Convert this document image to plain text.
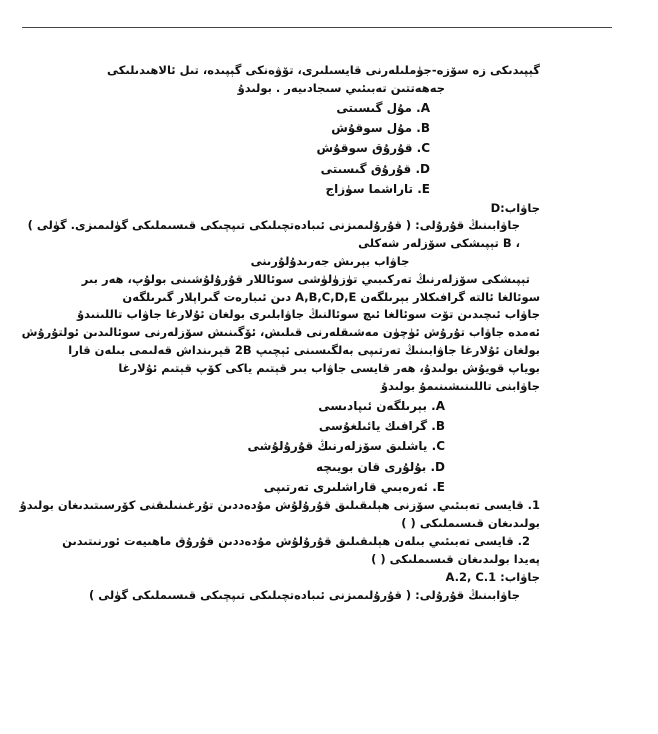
گېپىدىكى زە سۆزە-جۈملىلەرنى قايسىلىرى، تۆۋەنكى گېپىدە، تىل ئالاھىدىلىكى
جەھەتتىن تەبىئىي سىجادىيەر . بولىدۇ
A. مۇل گىسىتى
B. مۇل سوقۇش
C. قۇرۇق سوقۇش
D. قۇرۇق گىسىتى
E. تاراشما سۈزاج
جاۋاب:D
جاۋابىنىڭ قۇرۇلى: ( قۇرۇلىمىزنى ئىبادەتچىلىكى تىپچىكى قىسىملىكى گۈلىمىزى. گۈلى )
، B تېپىشكى سۆزلەر شەكلى
جاۋاب بېرىش جەرىدۇلۇرىنى
تېپىشكى سۆزلەرنىڭ تەركىبىي تۈزۈلۈشى سوئاللار قۇرۇلۇشىنى بولۇپ، ھەر بىر
سوئالغا ئالتە گرافىكلار بېرىلگەن A,B,C,D,E دىن ئىبارەت گىراپلار گىرىلگەن
جاۋاب ئىچىدىن تۆت سوئالغا ئىچ سوئالنىڭ جاۋابلىرى بولغان ئۇلارغا جاۋاب تاللىنىدۇ
ئەمدە جاۋاب تۇرۇش ئۈچۈن مەشىقلەرنى قىلىش، ئۆگىنىش سۆزلەرنى سوئالىدىن ئولتۇرۇش
بولغان ئۇلارغا جاۋابىنىڭ تەرتىپى بەلگىسىنى ئېچىپ 2B قېرىنداش قەلىمى بىلەن قارا
بوياپ قويۇش بولىدۇ، ھەر قايسى جاۋاب بىر قېتىم ياكى كۆپ قېتىم ئۇلارغا
جاۋابنى تاللىنىشىنىمۇ بولىدۇ
A. بېرىلگەن ئىپادىسى
B. گرافىك يائىلغۇسى
C. ياشلىق سۆزلەرنىڭ قۇرۇلۇشى
D. بۇلۇرى قان بويىچە
E. ئەرەبىي قاراشلىرى تەرتىپى
1. قايسى تەبىئىي سۆزنى ھېلىقىلىق قۇرۇلۇش مۇدەددىن تۇرغىنىلىقنى كۆرسىتىدىغان بولىدۇ
بولىدىغان قىسىملىكى ( )
2. قايسى تەبىئىي بىلەن ھېلىقىلىق قۇرۇلۇش مۇدەددىن قۇرۇق ماھىيەت ئورنىتىدىن
پەيدا بولىدىغان قىسىملىكى ( )
جاۋاب: A.2, C.1
جاۋابىنىڭ قۇرۇلى: ( قۇرۇلىمىزنى ئىبادەتچىلىكى تىپچىكى قىسىملىكى گۈلى )
